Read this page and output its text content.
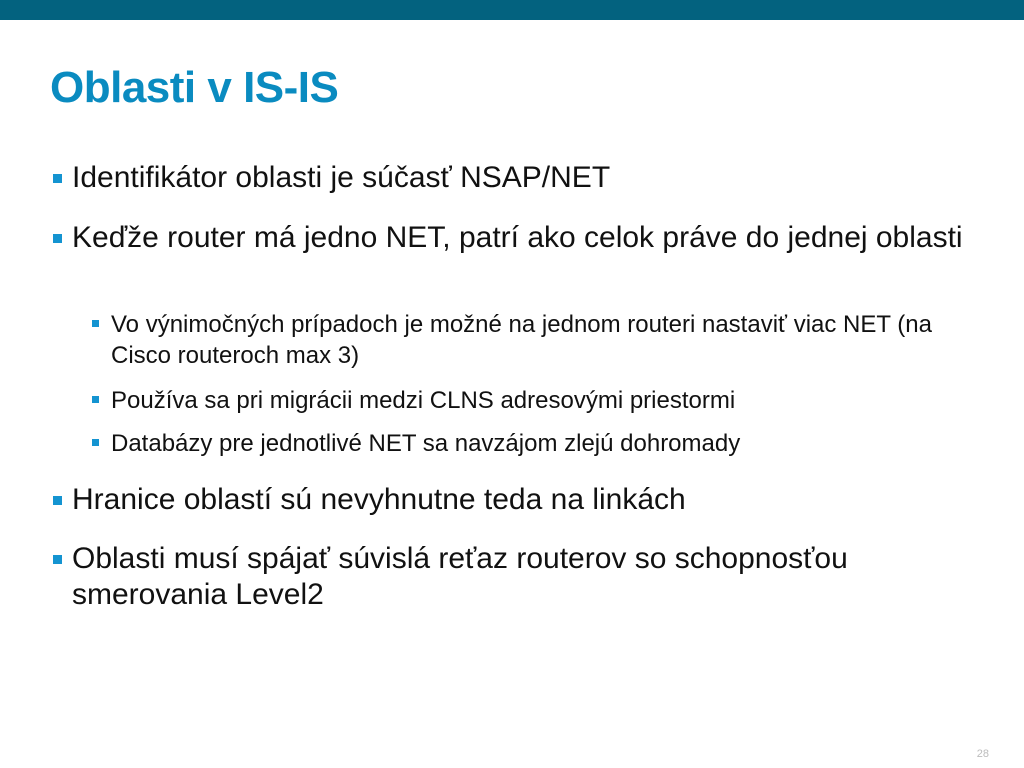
Oblasti v IS-IS

Identifikátor oblasti je súčasť NSAP/NET

Keďže router má jedno NET, patrí ako celok práve do jednej oblasti

Vo výnimočných prípadoch je možné na jednom routeri nastaviť viac NET (na Cisco routeroch max 3)

Používa sa pri migrácii medzi CLNS adresovými priestormi

Databázy pre jednotlivé NET sa navzájom zlejú dohromady

Hranice oblastí sú nevyhnutne teda na linkách

Oblasti musí spájať súvislá reťaz routerov so schopnosťou smerovania Level2

28
